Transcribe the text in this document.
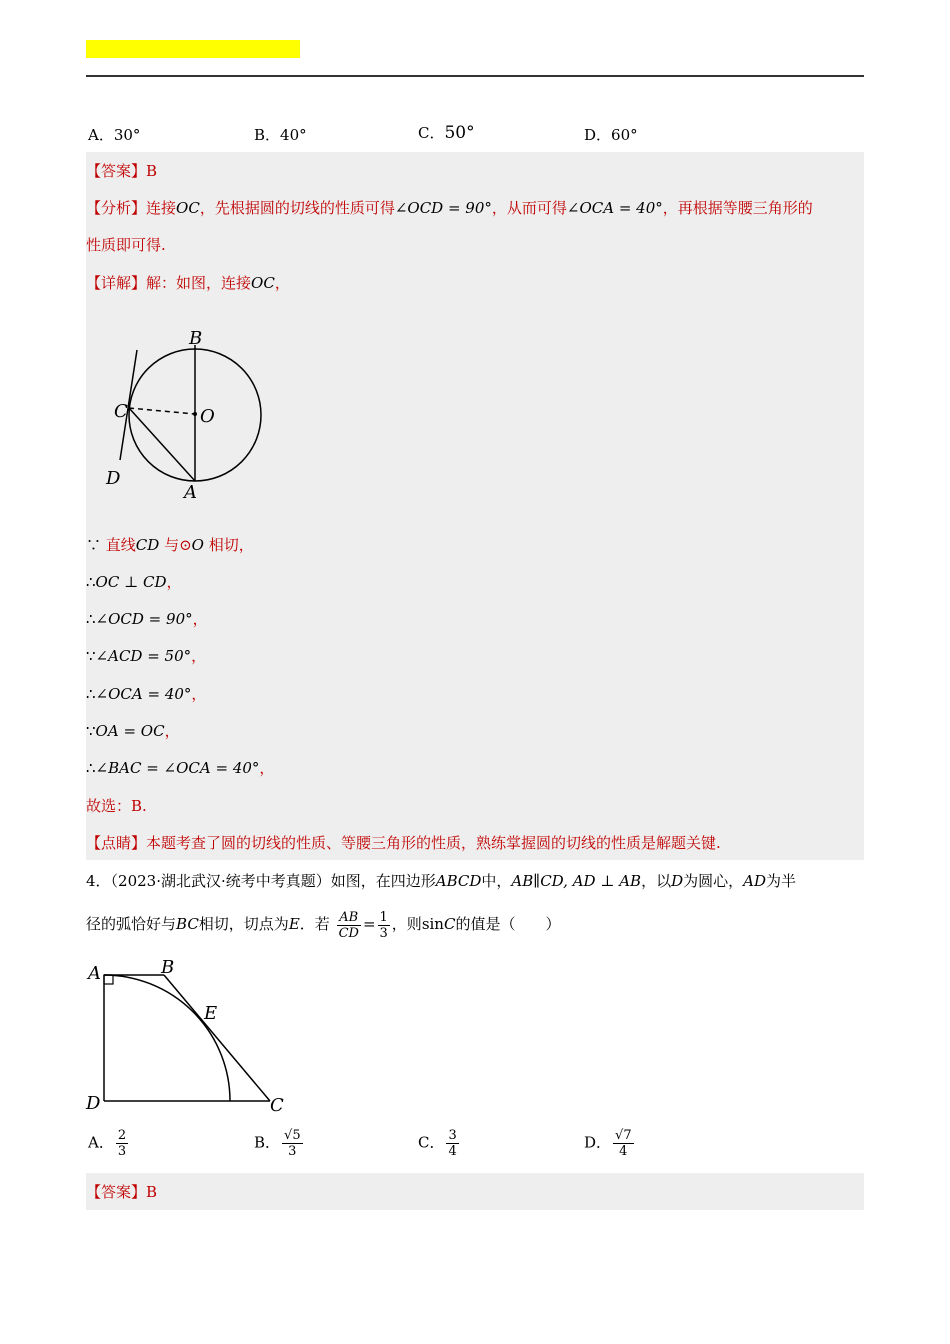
A．30°	B．40°	C．50°	D．60°
【答案】B
【分析】连接OC，先根据圆的切线的性质可得∠OCD = 90°，从而可得∠OCA = 40°，再根据等腰三角形的
性质即可得.
【详解】解：如图，连接OC，
B
C	O
D
A
∵ 直线CD 与⊙O 相切，
∴OC ⊥ CD，
∴∠OCD = 90°，
∵∠ACD = 50°，
∴∠OCA = 40°，
∵OA = OC，
∴∠BAC = ∠OCA = 40°，
故选：B.
【点睛】本题考查了圆的切线的性质、等腰三角形的性质，熟练掌握圆的切线的性质是解题关键.
4．（2023·湖北武汉·统考中考真题）如图，在四边形ABCD中，AB∥CD, AD ⊥ AB，以D为圆心，AD为半
径的弧恰好与BC相切，切点为E．若 $\frac{AB}{CD} = \frac{1}{3}$ ，则sinC的值是（　　）
A	B
E
D	C
A． $\frac{2}{3}$	B． $\frac{√5}{3}$	C． $\frac{3}{4}$	D． $\frac{√7}{4}$
【答案】B
